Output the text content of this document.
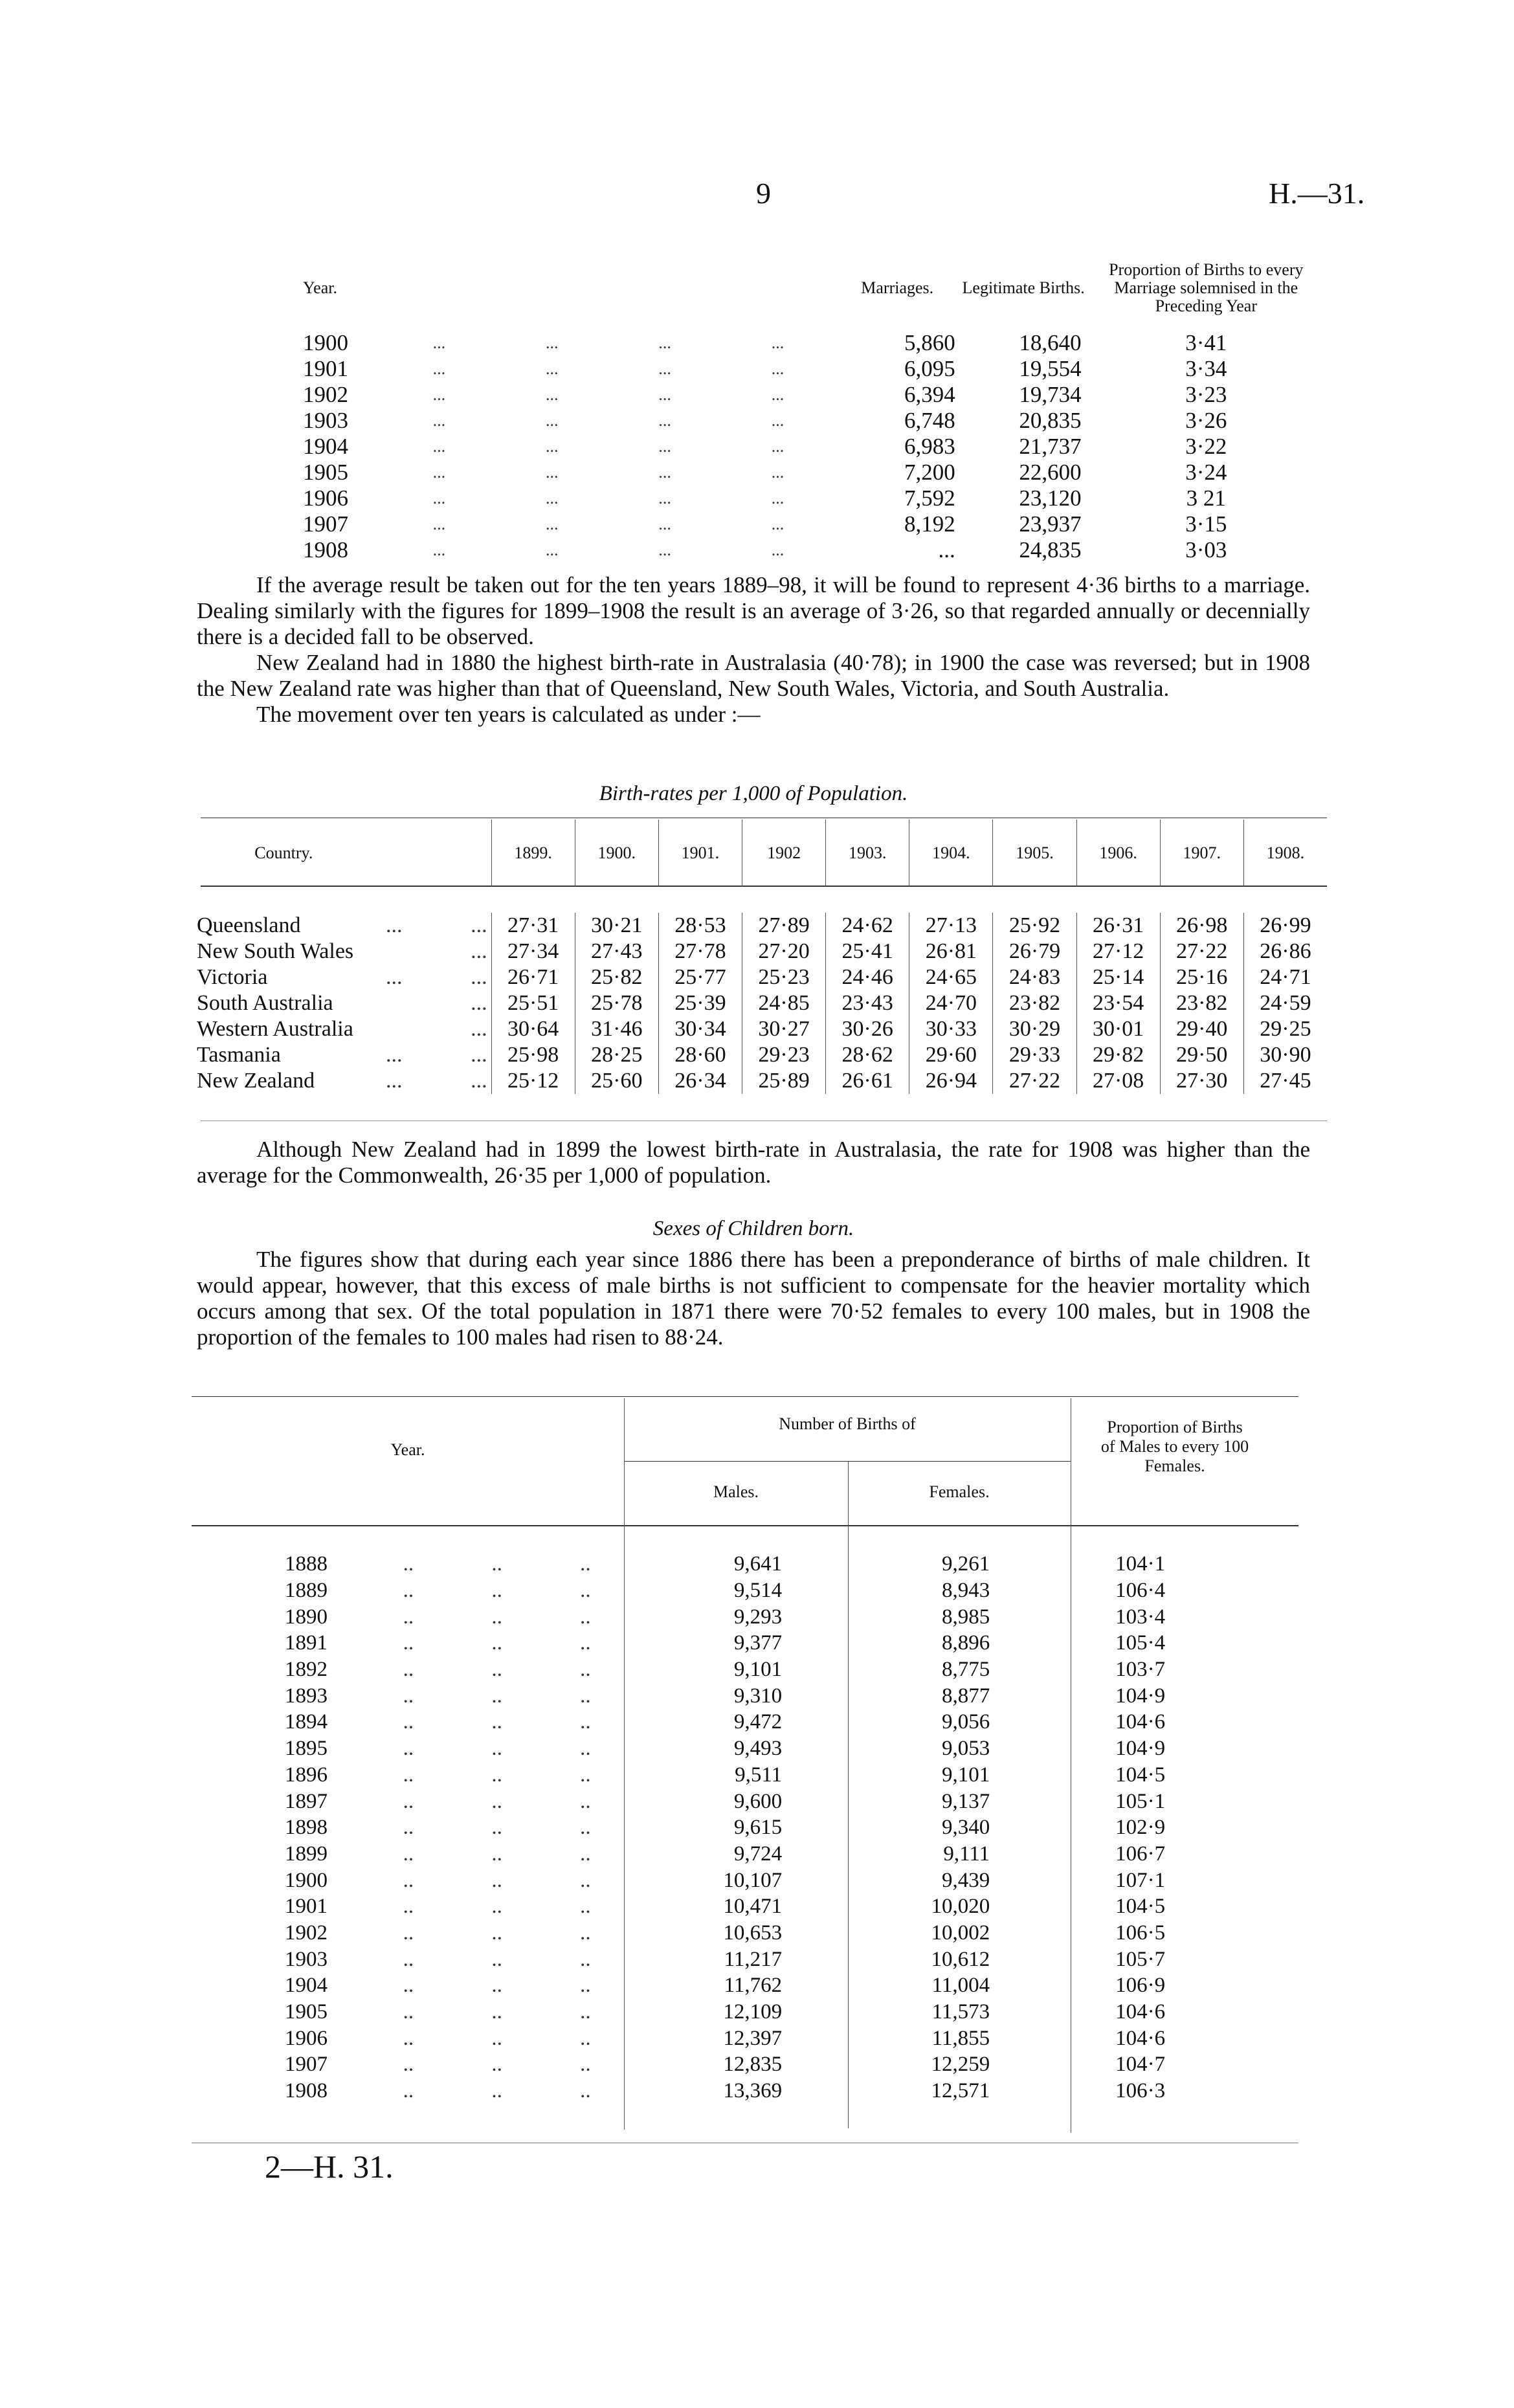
9	H.—31.
Year.		Marriages.	Legitimate Births.	Proportion of Births to every Marriage solemnised in the Preceding Year
1900		...	...	...	...	5,860	18,640	3·41
1901		...	...	...	...	6,095	19,554	3·34
1902		...	...	...	...	6,394	19,734	3·23
1903		...	...	...	...	6,748	20,835	3·26
1904		...	...	...	...	6,983	21,737	3·22
1905		...	...	...	...	7,200	22,600	3·24
1906		...	...	...	...	7,592	23,120	3 21
1907		...	...	...	...	8,192	23,937	3·15
1908		...	...	...	...	...	24,835	3·03

If the average result be taken out for the ten years 1889–98, it will be found to represent 4·36 births to a marriage. Dealing similarly with the figures for 1899–1908 the result is an average of 3·26, so that regarded annually or decennially there is a decided fall to be observed.

New Zealand had in 1880 the highest birth-rate in Australasia (40·78); in 1900 the case was reversed; but in 1908 the New Zealand rate was higher than that of Queensland, New South Wales, Victoria, and South Australia.

The movement over ten years is calculated as under :—

Birth-rates per 1,000 of Population.
Country.			1899.	1900.	1901.	1902	1903.	1904.	1905.	1906.	1907.	1908.

Queensland	...	...	27·31	30·21	28·53	27·89	24·62	27·13	25·92	26·31	26·98	26·99
New South Wales		...	27·34	27·43	27·78	27·20	25·41	26·81	26·79	27·12	27·22	26·86
Victoria	...	...	26·71	25·82	25·77	25·23	24·46	24·65	24·83	25·14	25·16	24·71
South Australia		...	25·51	25·78	25·39	24·85	23·43	24·70	23·82	23·54	23·82	24·59
Western Australia		...	30·64	31·46	30·34	30·27	30·26	30·33	30·29	30·01	29·40	29·25
Tasmania	...	...	25·98	28·25	28·60	29·23	28·62	29·60	29·33	29·82	29·50	30·90
New Zealand	...	...	25·12	25·60	26·34	25·89	26·61	26·94	27·22	27·08	27·30	27·45

Although New Zealand had in 1899 the lowest birth-rate in Australasia, the rate for 1908 was higher than the average for the Commonwealth, 26·35 per 1,000 of population.

Sexes of Children born.

The figures show that during each year since 1886 there has been a preponderance of births of male children. It would appear, however, that this excess of male births is not sufficient to compensate for the heavier mortality which occurs among that sex. Of the total population in 1871 there were 70·52 females to every 100 males, but in 1908 the proportion of the females to 100 males had risen to 88·24.

Year.
Number of Births of
Males.	Females.
Proportion of Births of Males to every 100 Females.
1888	..	..	..	9,641	9,261	104·1
1889	..	..	..	9,514	8,943	106·4
1890	..	..	..	9,293	8,985	103·4
1891	..	..	..	9,377	8,896	105·4
1892	..	..	..	9,101	8,775	103·7
1893	..	..	..	9,310	8,877	104·9
1894	..	..	..	9,472	9,056	104·6
1895	..	..	..	9,493	9,053	104·9
1896	..	..	..	9,511	9,101	104·5
1897	..	..	..	9,600	9,137	105·1
1898	..	..	..	9,615	9,340	102·9
1899	..	..	..	9,724	9,111	106·7
1900	..	..	..	10,107	9,439	107·1
1901	..	..	..	10,471	10,020	104·5
1902	..	..	..	10,653	10,002	106·5
1903	..	..	..	11,217	10,612	105·7
1904	..	..	..	11,762	11,004	106·9
1905	..	..	..	12,109	11,573	104·6
1906	..	..	..	12,397	11,855	104·6
1907	..	..	..	12,835	12,259	104·7
1908	..	..	..	13,369	12,571	106·3
2—H. 31.
